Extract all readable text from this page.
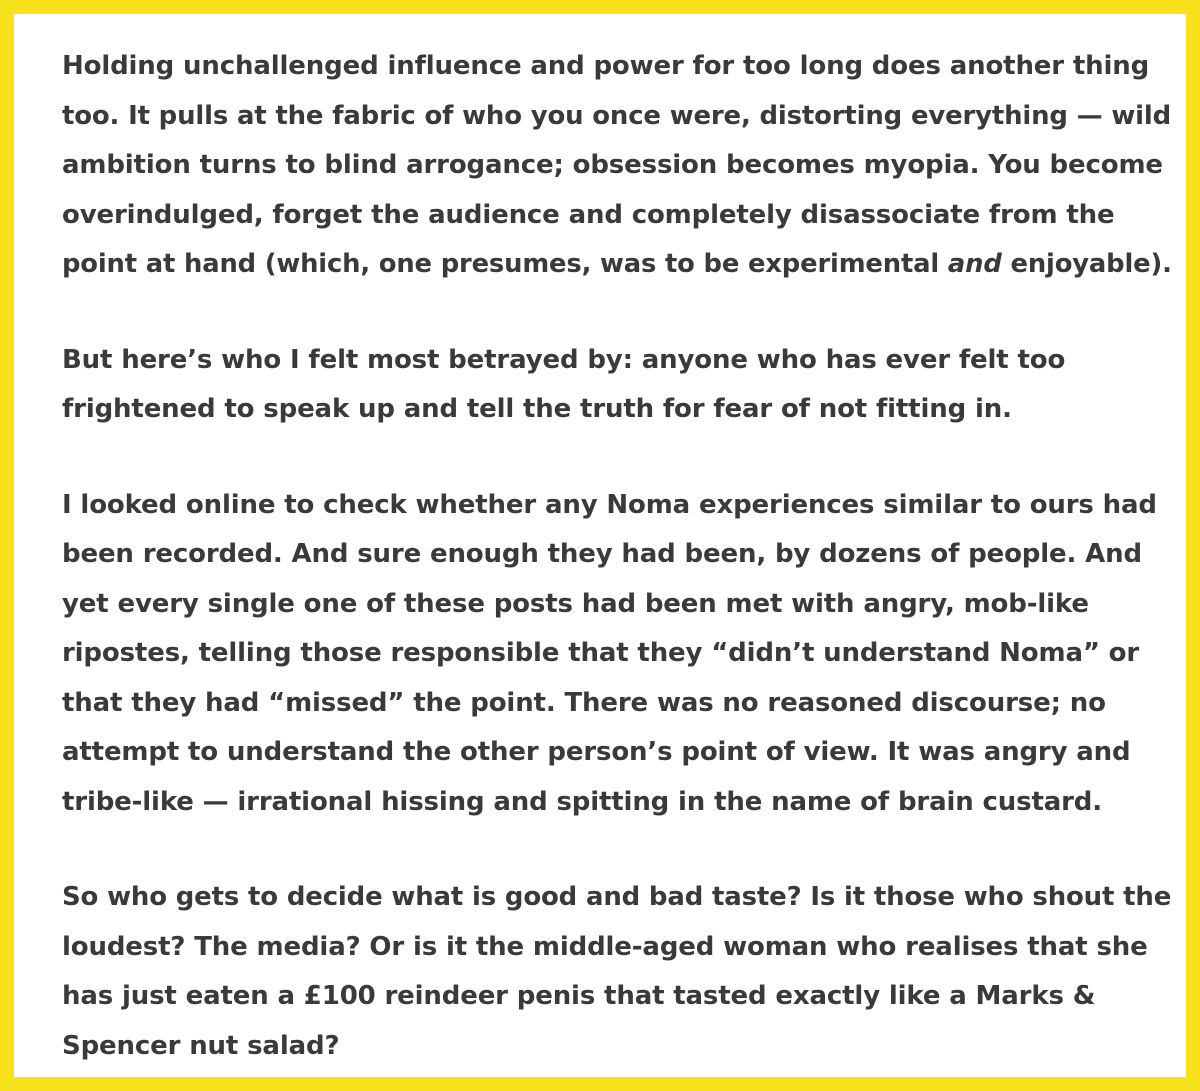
Holding unchallenged influence and power for too long does another thing
too. It pulls at the fabric of who you once were, distorting everything — wild
ambition turns to blind arrogance; obsession becomes myopia. You become
overindulged, forget the audience and completely disassociate from the
point at hand (which, one presumes, was to be experimental and enjoyable).

But here’s who I felt most betrayed by: anyone who has ever felt too
frightened to speak up and tell the truth for fear of not fitting in.

I looked online to check whether any Noma experiences similar to ours had
been recorded. And sure enough they had been, by dozens of people. And
yet every single one of these posts had been met with angry, mob-like
ripostes, telling those responsible that they “didn’t understand Noma” or
that they had “missed” the point. There was no reasoned discourse; no
attempt to understand the other person’s point of view. It was angry and
tribe-like — irrational hissing and spitting in the name of brain custard.

So who gets to decide what is good and bad taste? Is it those who shout the
loudest? The media? Or is it the middle-aged woman who realises that she
has just eaten a £100 reindeer penis that tasted exactly like a Marks &
Spencer nut salad?
